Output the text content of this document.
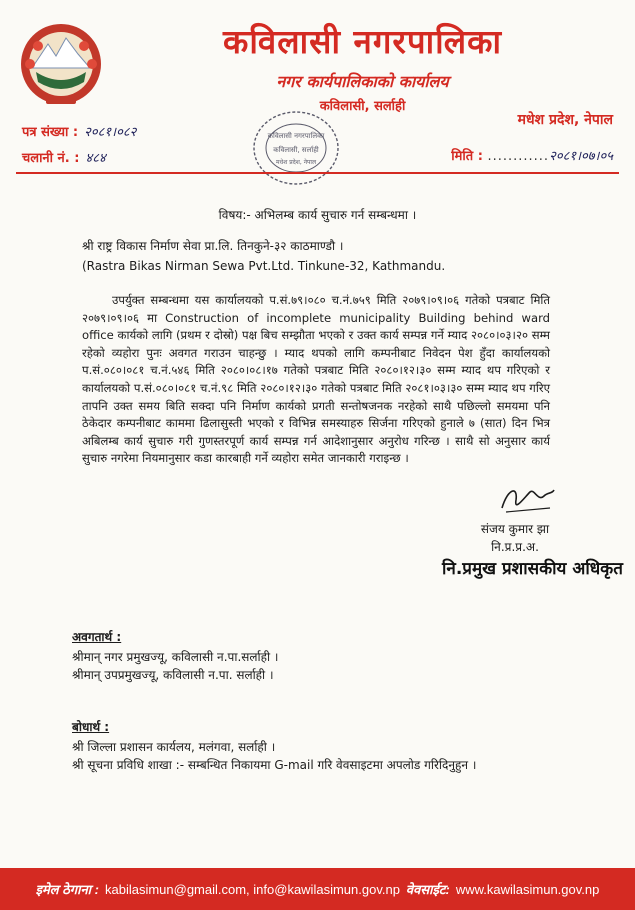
कविलासी नगरपालिका
नगर कार्यपालिकाको कार्यालय
कविलासी, सर्लाही
मधेश प्रदेश, नेपाल
पत्र संख्या : २०८१।०८२
चलानी नं. : ४८४	मिति : ............२०८१।०७।०५
कविलासी नगरपालिका
कविलासी, सर्लाही
मधेश प्रदेश, नेपाल
विषय:- अभिलम्ब कार्य सुचारु गर्न सम्बन्धमा ।
श्री राष्ट्र विकास निर्माण सेवा प्रा.लि. तिनकुने-३२ काठमाण्डौ ।
(Rastra Bikas Nirman Sewa Pvt.Ltd. Tinkune-32, Kathmandu.
उपर्युक्त सम्बन्धमा यस कार्यालयको प.सं.७९।०८० च.नं.७५९ मिति २०७९।०९।०६ गतेको पत्रबाट मिति २०७९।०९।०६ मा Construction of incomplete municipality Building behind ward office कार्यको लागि (प्रथम र दोस्रो) पक्ष बिच सम्झौता भएको र उक्त कार्य सम्पन्न गर्ने म्याद २०८०।०३।२० सम्म रहेको व्यहोरा पुनः अवगत गराउन चाहन्छु । म्याद थपको लागि कम्पनीबाट निवेदन पेश हुँदा कार्यालयको प.सं.०८०।०८१ च.नं.५४६ मिति २०८०।०८।१७ गतेको पत्रबाट मिति २०८०।१२।३० सम्म म्याद थप गरिएको र कार्यालयको प.सं.०८०।०८१ च.नं.९८ मिति २०८०।१२।३० गतेको पत्रबाट मिति २०८१।०३।३० सम्म म्याद थप गरिए तापनि उक्त समय बिति सक्दा पनि निर्माण कार्यको प्रगती सन्तोषजनक नरहेको साथै पछिल्लो समयमा पनि ठेकेदार कम्पनीबाट काममा ढिलासुस्ती भएको र विभिन्न समस्याहरु सिर्जना गरिएको हुनाले ७ (सात) दिन भित्र अबिलम्ब कार्य सुचारु गरी गुणस्तरपूर्ण कार्य सम्पन्न गर्न आदेशानुसार अनुरोध गरिन्छ । साथै सो अनुसार कार्य सुचारु नगरेमा नियमानुसार कडा कारबाही गर्ने व्यहोरा समेत जानकारी गराइन्छ ।
संजय कुमार झा
नि.प्र.प्र.अ.
नि.प्रमुख प्रशासकीय अधिकृत
अवगतार्थ :
श्रीमान् नगर प्रमुखज्यू, कविलासी न.पा.सर्लाही ।
श्रीमान् उपप्रमुखज्यू, कविलासी न.पा. सर्लाही ।
बोधार्थ :
श्री जिल्ला प्रशासन कार्यलय, मलंगवा, सर्लाही ।
श्री सूचना प्रविधि शाखा :- सम्बन्धित निकायमा G-mail गरि वेवसाइटमा अपलोड गरिदिनुहुन ।
इमेल ठेगाना : kabilasimun@gmail.com, info@kawilasimun.gov.np वेवसाईट: www.kawilasimun.gov.np
